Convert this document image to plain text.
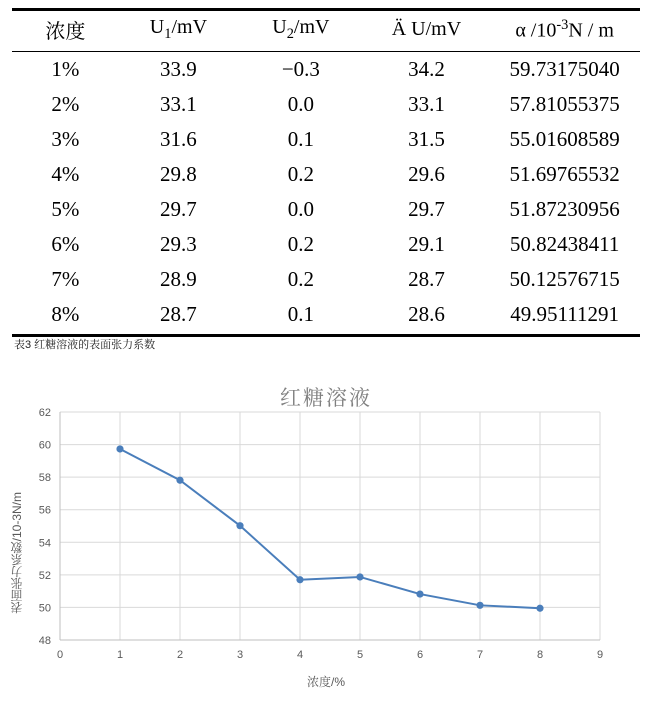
浓度	$U_1/mV$	$U_2/mV$	Ä U/mV	α $/10^{-3}N$ / m
1%	33.9	−0.3	34.2	59.73175040
2%	33.1	0.0	33.1	57.81055375
3%	31.6	0.1	31.5	55.01608589
4%	29.8	0.2	29.6	51.69765532
5%	29.7	0.0	29.7	51.87230956
6%	29.3	0.2	29.1	50.82438411
7%	28.9	0.2	28.7	50.12576715
8%	28.7	0.1	28.6	49.95111291
表3 红糖溶液的表面张力系数
红糖溶液
表面张力系数/10-3N/m
浓度/%
48
50
52
54
56
58
60
62
0	1	2	3	4	5	6	7	8	9
